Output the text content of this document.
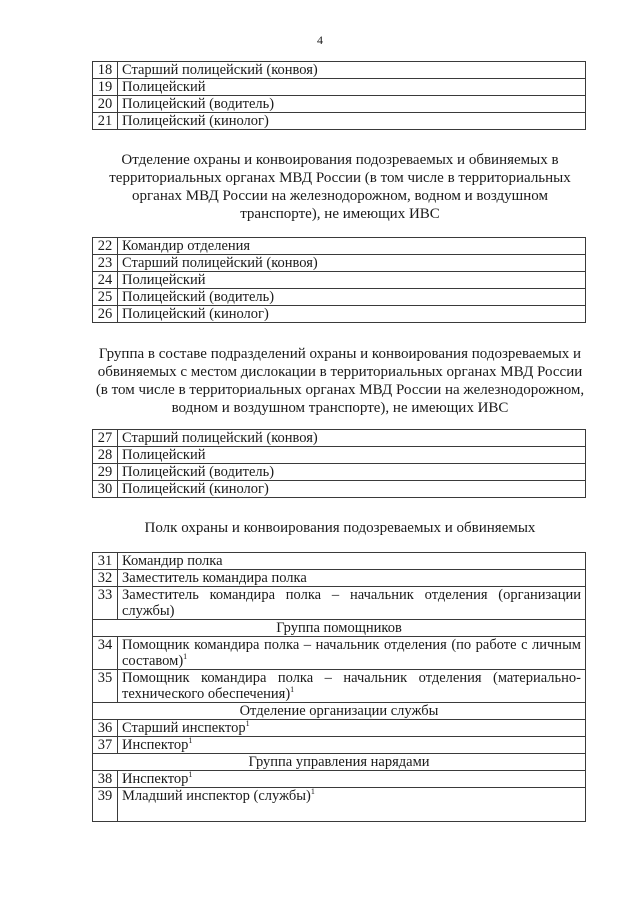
4
18	Старший полицейский (конвоя)
19	Полицейский
20	Полицейский (водитель)
21	Полицейский (кинолог)
Отделение охраны и конвоирования подозреваемых и обвиняемых в территориальных органах МВД России (в том числе в территориальных органах МВД России на железнодорожном, водном и воздушном транспорте), не имеющих ИВС
22	Командир отделения
23	Старший полицейский (конвоя)
24	Полицейский
25	Полицейский (водитель)
26	Полицейский (кинолог)
Группа в составе подразделений охраны и конвоирования подозреваемых и обвиняемых с местом дислокации в территориальных органах МВД России (в том числе в территориальных органах МВД России на железнодорожном, водном и воздушном транспорте), не имеющих ИВС
27	Старший полицейский (конвоя)
28	Полицейский
29	Полицейский (водитель)
30	Полицейский (кинолог)
Полк охраны и конвоирования подозреваемых и обвиняемых
31	Командир полка
32	Заместитель командира полка
33	Заместитель командира полка – начальник отделения (организации службы)
Группа помощников	
34	Помощник командира полка – начальник отделения (по работе с личным составом)$^1$
35	Помощник командира полка – начальник отделения (материально-технического обеспечения)$^1$
Отделение организации службы	
36	Старший инспектор$^1$
37	Инспектор$^1$
Группа управления нарядами	
38	Инспектор$^1$
39	Младший инспектор (службы)$^1$
